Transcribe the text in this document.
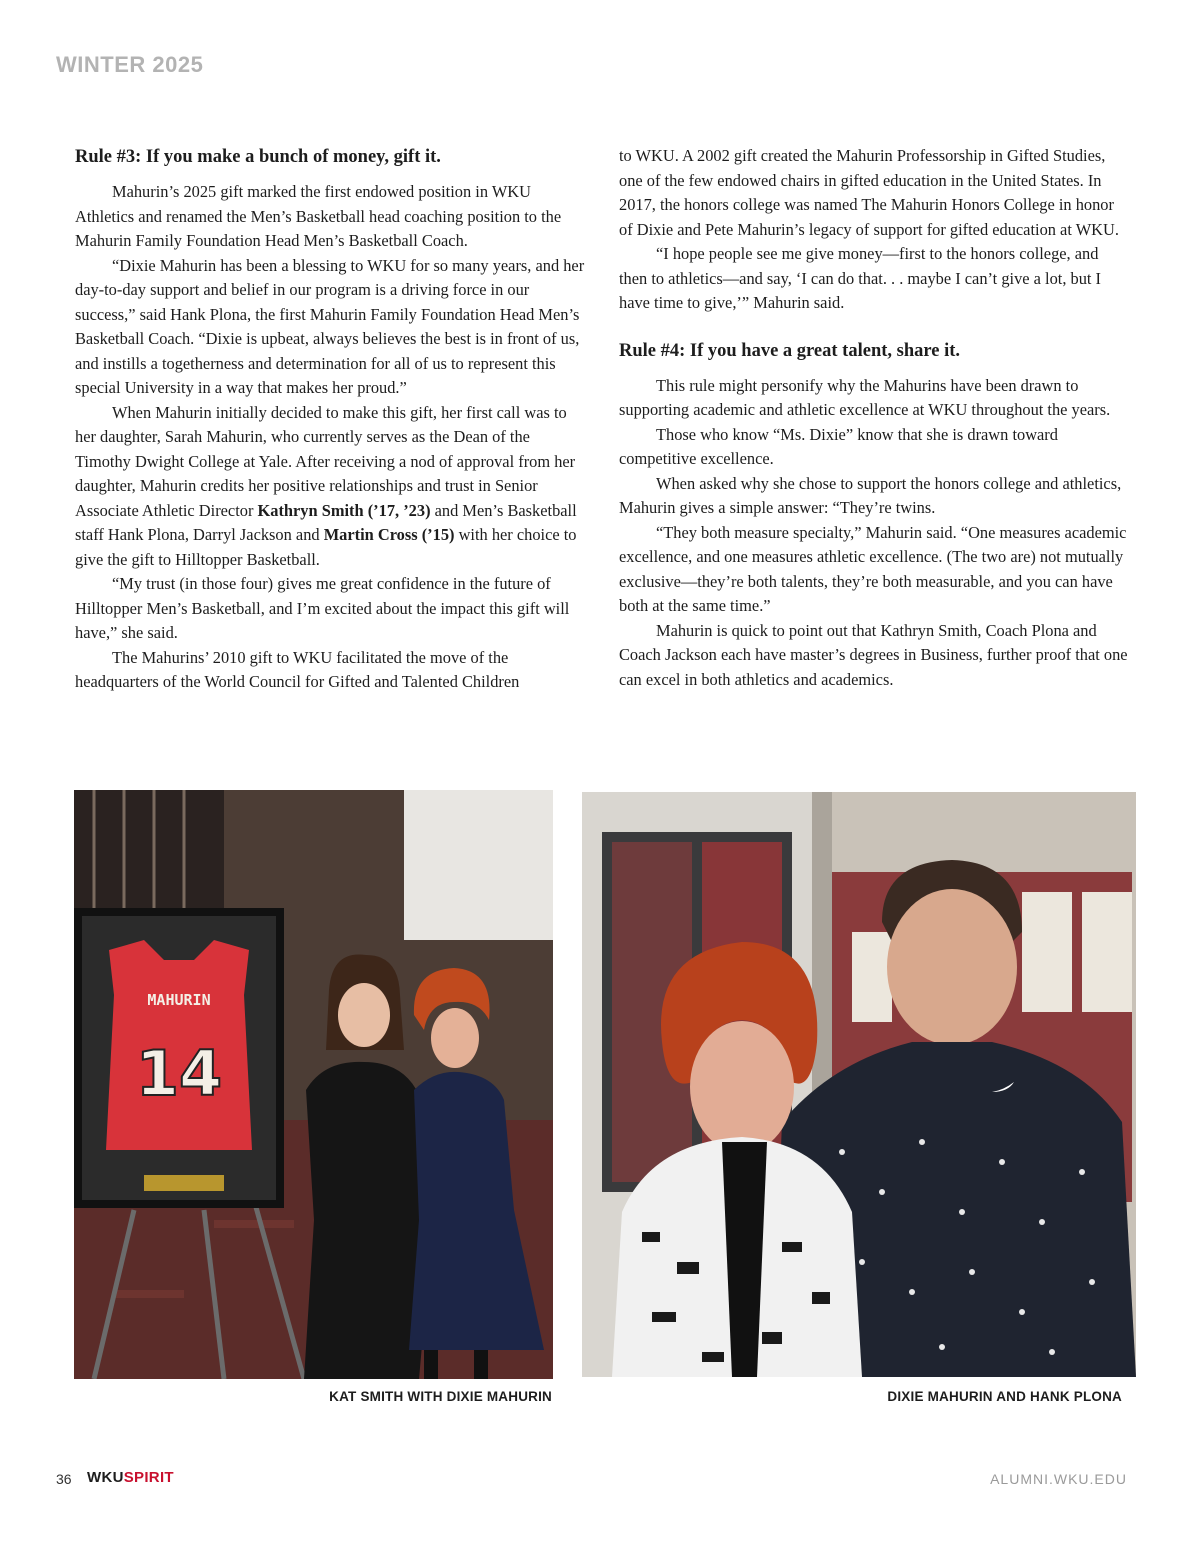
WINTER 2025
Rule #3: If you make a bunch of money, gift it.

Mahurin’s 2025 gift marked the first endowed position in WKU Athletics and renamed the Men’s Basketball head coaching position to the Mahurin Family Foundation Head Men’s Basketball Coach.

“Dixie Mahurin has been a blessing to WKU for so many years, and her day-to-day support and belief in our program is a driving force in our success,” said Hank Plona, the first Mahurin Family Foundation Head Men’s Basketball Coach. “Dixie is upbeat, always believes the best is in front of us, and instills a togetherness and determination for all of us to represent this special University in a way that makes her proud.”

When Mahurin initially decided to make this gift, her first call was to her daughter, Sarah Mahurin, who currently serves as the Dean of the Timothy Dwight College at Yale. After receiving a nod of approval from her daughter, Mahurin credits her positive relationships and trust in Senior Associate Athletic Director Kathryn Smith (’17, ’23) and Men’s Basketball staff Hank Plona, Darryl Jackson and Martin Cross (’15) with her choice to give the gift to Hilltopper Basketball.

“My trust (in those four) gives me great confidence in the future of Hilltopper Men’s Basketball, and I’m excited about the impact this gift will have,” she said.

The Mahurins’ 2010 gift to WKU facilitated the move of the headquarters of the World Council for Gifted and Talented Children

to WKU. A 2002 gift created the Mahurin Professorship in Gifted Studies, one of the few endowed chairs in gifted education in the United States. In 2017, the honors college was named The Mahurin Honors College in honor of Dixie and Pete Mahurin’s legacy of support for gifted education at WKU.

“I hope people see me give money—first to the honors college, and then to athletics—and say, ‘I can do that. . . maybe I can’t give a lot, but I have time to give,’” Mahurin said.

Rule #4: If you have a great talent, share it.

This rule might personify why the Mahurins have been drawn to supporting academic and athletic excellence at WKU throughout the years.

Those who know “Ms. Dixie” know that she is drawn toward competitive excellence.

When asked why she chose to support the honors college and athletics, Mahurin gives a simple answer: “They’re twins.

“They both measure specialty,” Mahurin said. “One measures academic excellence, and one measures athletic excellence. (The two are) not mutually exclusive—they’re both talents, they’re both measurable, and you can have both at the same time.”

Mahurin is quick to point out that Kathryn Smith, Coach Plona and Coach Jackson each have master’s degrees in Business, further proof that one can excel in both athletics and academics.

MAHURIN
14
KAT SMITH WITH DIXIE MAHURIN	DIXIE MAHURIN AND HANK PLONA
36 WKUSPIRIT	ALUMNI.WKU.EDU
